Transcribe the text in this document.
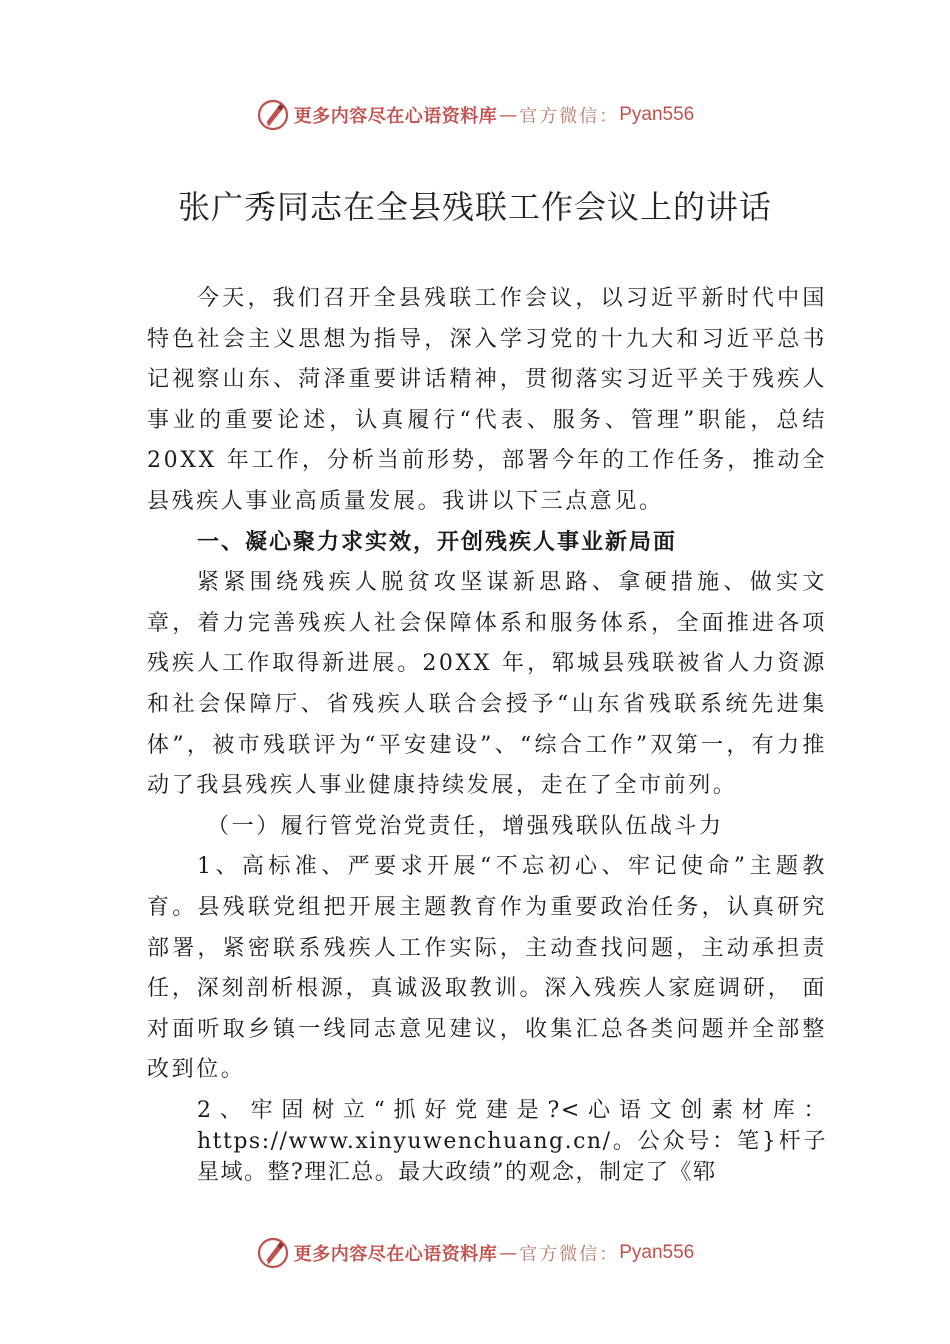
更多内容尽在心语资料库 — 官方微信： Pyan556
张广秀同志在全县残联工作会议上的讲话

今天，我们召开全县残联工作会议，以习近平新时代中国特色社会主义思想为指导，深入学习党的十九大和习近平总书记视察山东、菏泽重要讲话精神，贯彻落实习近平关于残疾人事业的重要论述，认真履行“代表、服务、管理”职能，总结 20XX 年工作，分析当前形势，部署今年的工作任务，推动全县残疾人事业高质量发展。我讲以下三点意见。

一、凝心聚力求实效，开创残疾人事业新局面

紧紧围绕残疾人脱贫攻坚谋新思路、拿硬措施、做实文章，着力完善残疾人社会保障体系和服务体系，全面推进各项残疾人工作取得新进展。20XX 年，郓城县残联被省人力资源和社会保障厅、省残疾人联合会授予“山东省残联系统先进集体”，被市残联评为“平安建设”、“综合工作”双第一，有力推动了我县残疾人事业健康持续发展，走在了全市前列。

（一）履行管党治党责任，增强残联队伍战斗力

1、高标准、严要求开展“不忘初心、牢记使命”主题教育。县残联党组把开展主题教育作为重要政治任务，认真研究部署，紧密联系残疾人工作实际，主动查找问题，主动承担责任，深刻剖析根源，真诚汲取教训。深入残疾人家庭调研， 面对面听取乡镇一线同志意见建议，收集汇总各类问题并全部整改到位。

2、牢固树立“抓好党建是?<心语文创素材库：https://www.xinyuwenchuang.cn/。公众号：笔}杆子星域。整?理汇总。最大政绩”的观念，制定了《郓

更多内容尽在心语资料库 — 官方微信： Pyan556
